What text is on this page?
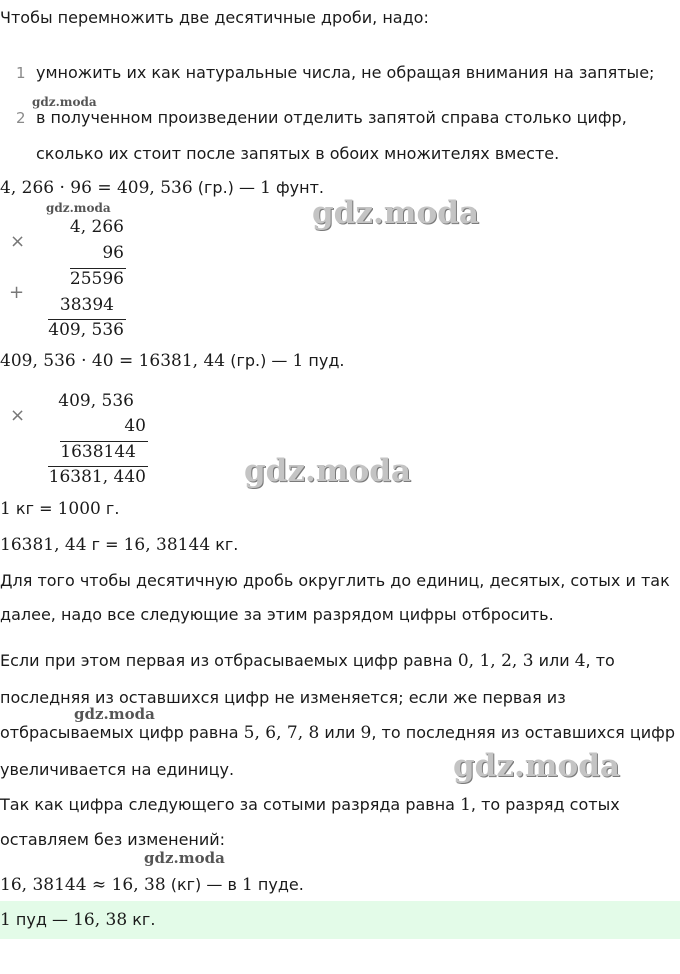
Чтобы перемножить две десятичные дроби, надо:
1 умножить их как натуральные числа, не обращая внимания на запятые;
2 в полученном произведении отделить запятой справа столько цифр,
сколько их стоит после запятых в обоих множителях вместе.
4, 266 · 96 = 409, 536 (гр.) — 1 фунт.
×
4, 266
96
25596
+
38394
409, 536
409, 536 · 40 = 16381, 44 (гр.) — 1 пуд.
×
409, 536
40
1638144
16381, 440
1 кг = 1000 г.
16381, 44 г = 16, 38144 кг.
Для того чтобы десятичную дробь округлить до единиц, десятых, сотых и так
далее, надо все следующие за этим разрядом цифры отбросить.
Если при этом первая из отбрасываемых цифр равна 0, 1, 2, 3 или 4, то
последняя из оставшихся цифр не изменяется; если же первая из
отбрасываемых цифр равна 5, 6, 7, 8 или 9, то последняя из оставшихся цифр
увеличивается на единицу.
Так как цифра следующего за сотыми разряда равна 1, то разряд сотых
оставляем без изменений:
16, 38144 ≈ 16, 38 (кг) — в 1 пуде.
1 пуд — 16, 38 кг.
gdz.moda
gdz.moda	gdz.moda
gdz.moda
gdz.moda
gdz.moda
gdz.moda
